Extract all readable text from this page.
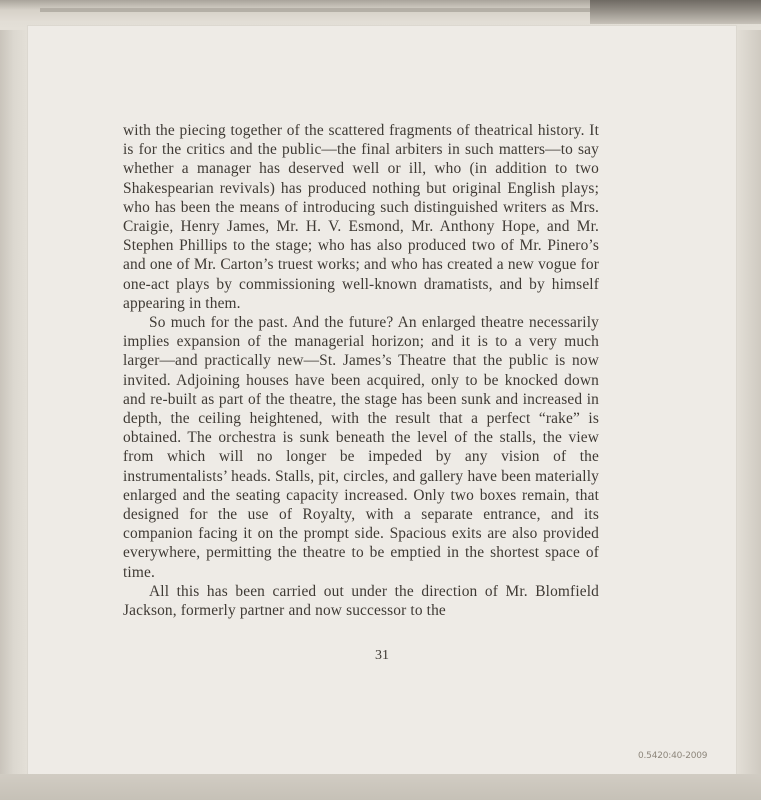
with the piecing together of the scattered fragments of theatrical history. It is for the critics and the public—the final arbiters in such matters—to say whether a manager has deserved well or ill, who (in addition to two Shakespearian revivals) has produced nothing but original English plays; who has been the means of introducing such distinguished writers as Mrs. Craigie, Henry James, Mr. H. V. Esmond, Mr. Anthony Hope, and Mr. Stephen Phillips to the stage; who has also produced two of Mr. Pinero’s and one of Mr. Carton’s truest works; and who has created a new vogue for one-act plays by commissioning well-known dramatists, and by himself appearing in them.

So much for the past. And the future? An enlarged theatre necessarily implies expansion of the managerial horizon; and it is to a very much larger—and practically new—St. James’s Theatre that the public is now invited. Adjoining houses have been acquired, only to be knocked down and re-built as part of the theatre, the stage has been sunk and increased in depth, the ceiling heightened, with the result that a perfect “rake” is obtained. The orchestra is sunk beneath the level of the stalls, the view from which will no longer be impeded by any vision of the instrumentalists’ heads. Stalls, pit, circles, and gallery have been materially enlarged and the seating capacity increased. Only two boxes remain, that designed for the use of Royalty, with a separate entrance, and its companion facing it on the prompt side. Spacious exits are also provided everywhere, permitting the theatre to be emptied in the shortest space of time.

All this has been carried out under the direction of Mr. Blomfield Jackson, formerly partner and now successor to the

31
0.5420:40-2009
